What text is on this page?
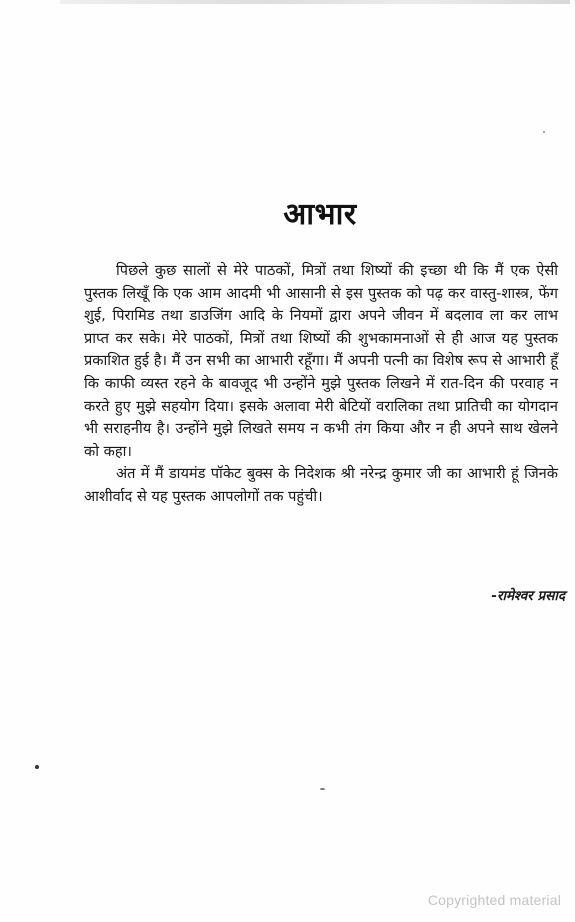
आभार

पिछले कुछ सालों से मेरे पाठकों, मित्रों तथा शिष्यों की इच्छा थी कि मैं एक ऐसी पुस्तक लिखूँ कि एक आम आदमी भी आसानी से इस पुस्तक को पढ़ कर वास्तु-शास्त्र, फेंग शुई, पिरामिड तथा डाउजिंग आदि के नियमों द्वारा अपने जीवन में बदलाव ला कर लाभ प्राप्त कर सके। मेरे पाठकों, मित्रों तथा शिष्यों की शुभकामनाओं से ही आज यह पुस्तक प्रकाशित हुई है। मैं उन सभी का आभारी रहूँगा। मैं अपनी पत्नी का विशेष रूप से आभारी हूँ कि काफी व्यस्त रहने के बावजूद भी उन्होंने मुझे पुस्तक लिखने में रात-दिन की परवाह न करते हुए मुझे सहयोग दिया। इसके अलावा मेरी बेटियों वरालिका तथा प्रातिची का योगदान भी सराहनीय है। उन्होंने मुझे लिखते समय न कभी तंग किया और न ही अपने साथ खेलने को कहा।

अंत में मैं डायमंड पॉकेट बुक्स के निदेशक श्री नरेन्द्र कुमार जी का आभारी हूं जिनके आशीर्वाद से यह पुस्तक आपलोगों तक पहुंची।

-रामेश्वर प्रसाद
Copyrighted material
